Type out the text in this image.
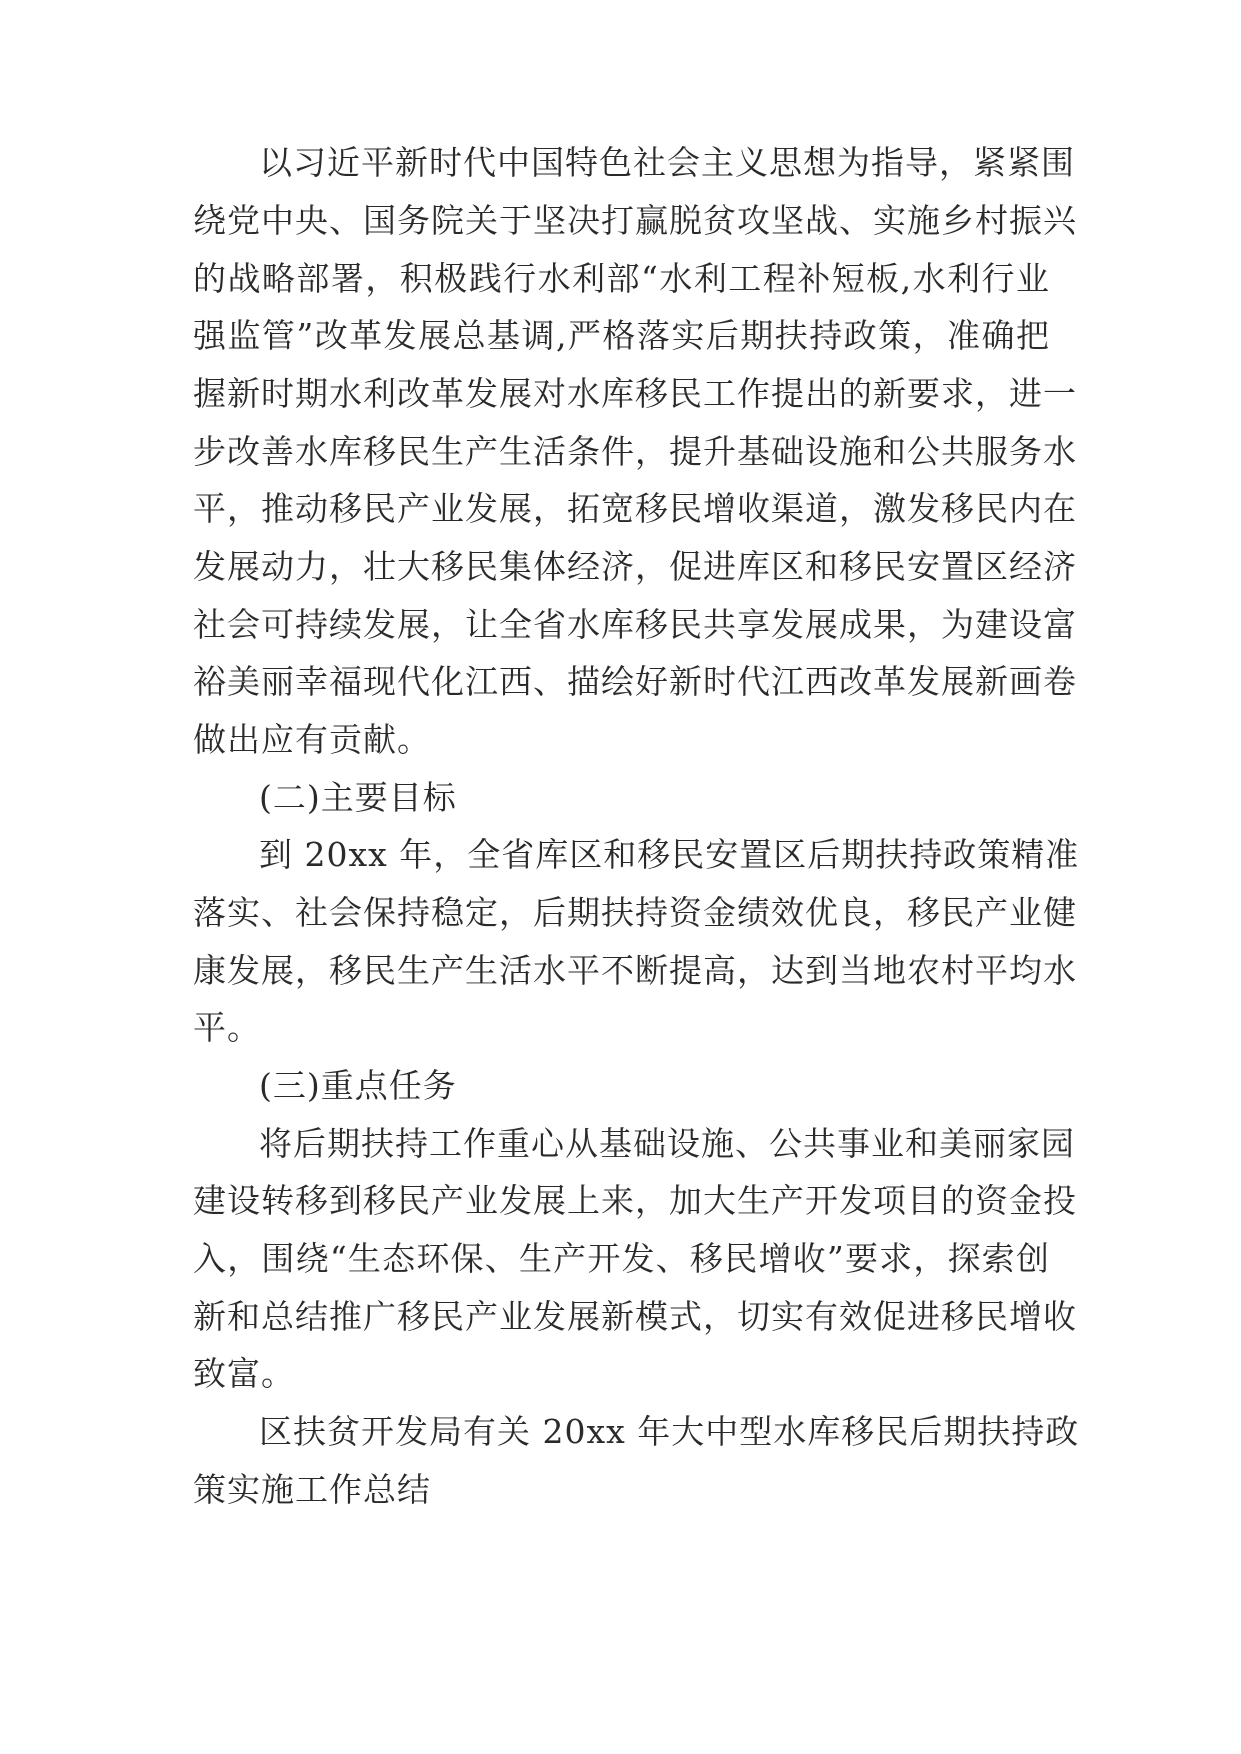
以习近平新时代中国特色社会主义思想为指导，紧紧围
绕党中央、国务院关于坚决打赢脱贫攻坚战、实施乡村振兴
的战略部署，积极践行水利部“水利工程补短板,水利行业
强监管”改革发展总基调,严格落实后期扶持政策，准确把
握新时期水利改革发展对水库移民工作提出的新要求，进一
步改善水库移民生产生活条件，提升基础设施和公共服务水
平，推动移民产业发展，拓宽移民增收渠道，激发移民内在
发展动力，壮大移民集体经济，促进库区和移民安置区经济
社会可持续发展，让全省水库移民共享发展成果，为建设富
裕美丽幸福现代化江西、描绘好新时代江西改革发展新画卷
做出应有贡献。
(二)主要目标
到 20xx 年，全省库区和移民安置区后期扶持政策精准
落实、社会保持稳定，后期扶持资金绩效优良，移民产业健
康发展，移民生产生活水平不断提高，达到当地农村平均水
平。
(三)重点任务
将后期扶持工作重心从基础设施、公共事业和美丽家园
建设转移到移民产业发展上来，加大生产开发项目的资金投
入，围绕“生态环保、生产开发、移民增收”要求，探索创
新和总结推广移民产业发展新模式，切实有效促进移民增收
致富。
区扶贫开发局有关 20xx 年大中型水库移民后期扶持政
策实施工作总结
